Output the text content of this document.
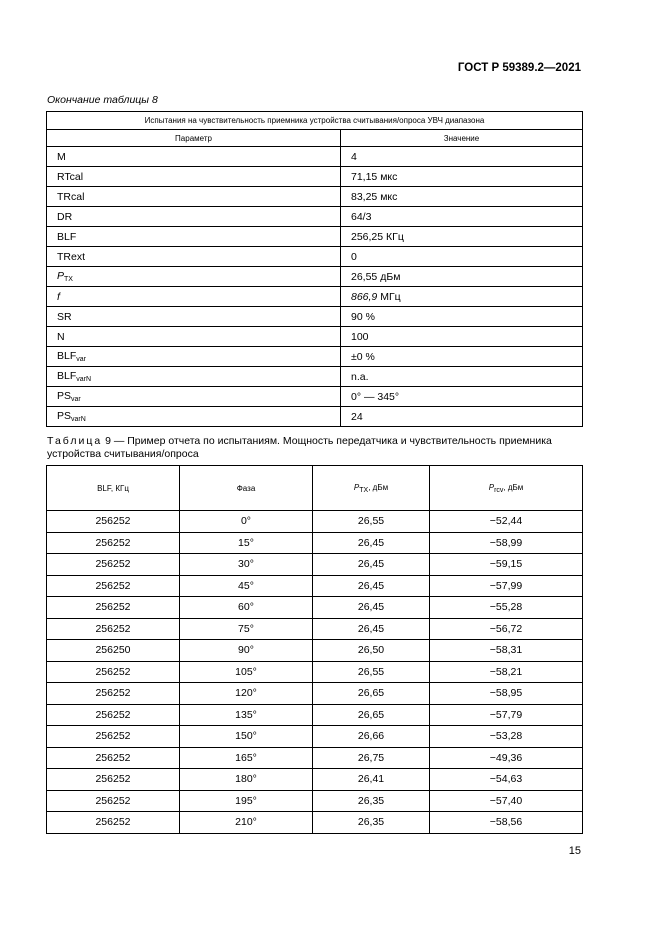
ГОСТ Р 59389.2—2021
Окончание таблицы 8
Испытания на чувствительность приемника устройства считывания/опроса УВЧ диапазона	
Параметр	Значение
M	4
RTcal	71,15 мкс
TRcal	83,25 мкс
DR	64/3
BLF	256,25 КГц
TRext	0
$P_{TX}$	26,55 дБм
f	866,9 МГц
SR	90 %
N	100
$BLF_{var}$	±0 %
$BLF_{varN}$	n.a.
$PS_{var}$	0° — 345°
$PS_{varN}$	24
Таблица 9 — Пример отчета по испытаниям. Мощность передатчика и чувствительность приемника устройства считывания/опроса
BLF, КГц	Фаза	$P_{TX}$, дБм	$P_{rcv}$, дБм
256252	0°	26,55	−52,44
256252	15°	26,45	−58,99
256252	30°	26,45	−59,15
256252	45°	26,45	−57,99
256252	60°	26,45	−55,28
256252	75°	26,45	−56,72
256250	90°	26,50	−58,31
256252	105°	26,55	−58,21
256252	120°	26,65	−58,95
256252	135°	26,65	−57,79
256252	150°	26,66	−53,28
256252	165°	26,75	−49,36
256252	180°	26,41	−54,63
256252	195°	26,35	−57,40
256252	210°	26,35	−58,56
15
